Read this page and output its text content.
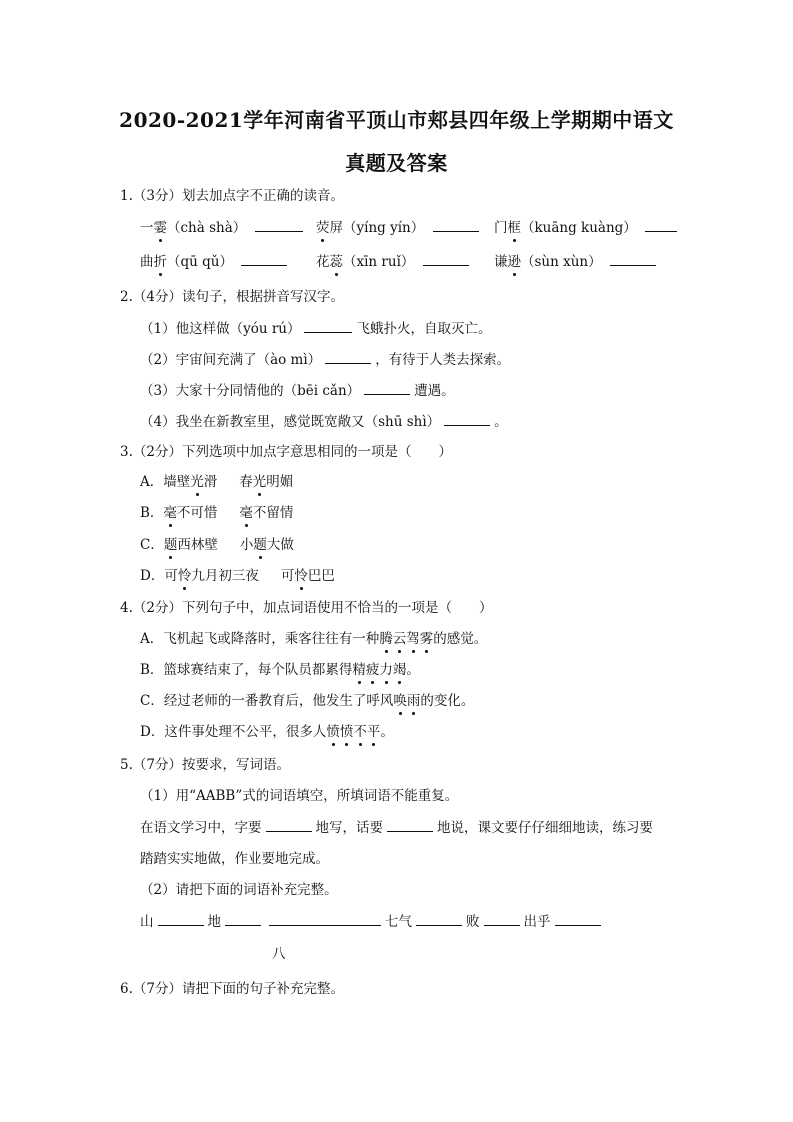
2020-2021学年河南省平顶山市郏县四年级上学期期中语文
真题及答案
1.（3分）划去加点字不正确的读音。
一霎（chà shà）	荧屏（yíng yín）	门框（kuāng kuàng）
曲折（qū qǔ）	花蕊（xīn ruǐ）	谦逊（sùn xùn）
2.（4分）读句子，根据拼音写汉字。
（1）他这样做（yóu rú）	飞蛾扑火，自取灭亡。
（2）宇宙间充满了（ào mì）	，有待于人类去探索。
（3）大家十分同情他的（bēi cǎn）	遭遇。
（4）我坐在新教室里，感觉既宽敞又（shū shì）	。
3.（2分）下列选项中加点字意思相同的一项是（　　）
A．墙壁光滑 春光明媚
B．毫不可惜 毫不留情
C．题西林壁 小题大做
D．可怜九月初三夜 可怜巴巴
4.（2分）下列句子中，加点词语使用不恰当的一项是（　　）
A．飞机起飞或降落时，乘客往往有一种腾云驾雾的感觉。
B．篮球赛结束了，每个队员都累得精疲力竭。
C．经过老师的一番教育后，他发生了呼风唤雨的变化。
D．这件事处理不公平，很多人愤愤不平。
5.（7分）按要求，写词语。
（1）用“AABB”式的词语填空，所填词语不能重复。
在语文学习中，字要	地写，话要	地说，课文要仔仔细细地读，练习要
踏踏实实地做，作业要地完成。
（2）请把下面的词语补充完整。
山	地	七气	败	出乎
八
6.（7分）请把下面的句子补充完整。
